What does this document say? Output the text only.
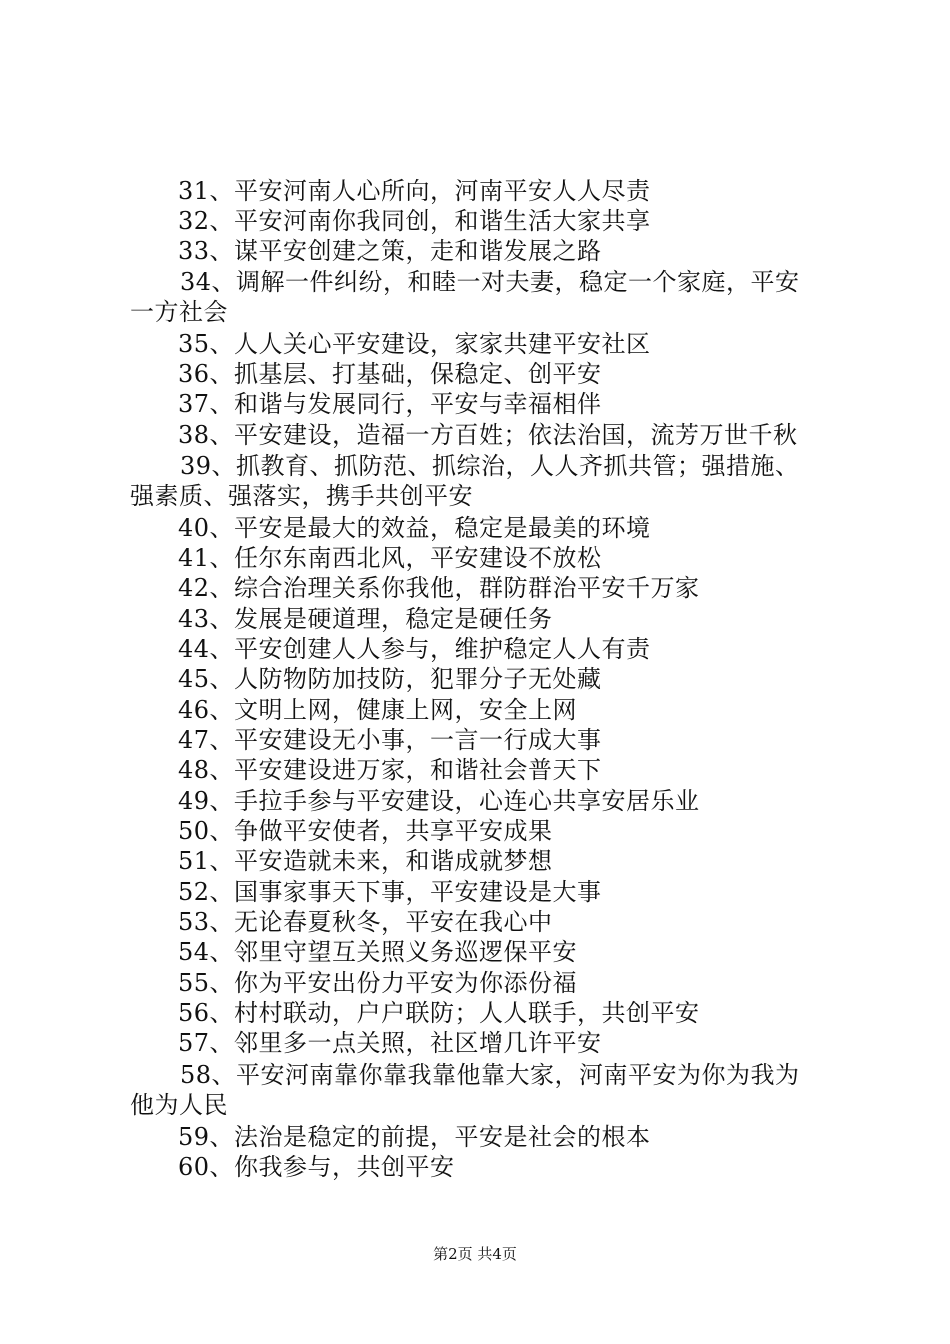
31、平安河南人心所向，河南平安人人尽责
32、平安河南你我同创，和谐生活大家共享
33、谋平安创建之策，走和谐发展之路
34、调解一件纠纷，和睦一对夫妻，稳定一个家庭，平安
一方社会
35、人人关心平安建设，家家共建平安社区
36、抓基层、打基础，保稳定、创平安
37、和谐与发展同行，平安与幸福相伴
38、平安建设，造福一方百姓；依法治国，流芳万世千秋
39、抓教育、抓防范、抓综治，人人齐抓共管；强措施、
强素质、强落实，携手共创平安
40、平安是最大的效益，稳定是最美的环境
41、任尔东南西北风，平安建设不放松
42、综合治理关系你我他，群防群治平安千万家
43、发展是硬道理，稳定是硬任务
44、平安创建人人参与，维护稳定人人有责
45、人防物防加技防，犯罪分子无处藏
46、文明上网，健康上网，安全上网
47、平安建设无小事，一言一行成大事
48、平安建设进万家，和谐社会普天下
49、手拉手参与平安建设，心连心共享安居乐业
50、争做平安使者，共享平安成果
51、平安造就未来，和谐成就梦想
52、国事家事天下事，平安建设是大事
53、无论春夏秋冬，平安在我心中
54、邻里守望互关照义务巡逻保平安
55、你为平安出份力平安为你添份福
56、村村联动，户户联防；人人联手，共创平安
57、邻里多一点关照，社区增几许平安
58、平安河南靠你靠我靠他靠大家，河南平安为你为我为
他为人民
59、法治是稳定的前提，平安是社会的根本
60、你我参与，共创平安
第2页 共4页
